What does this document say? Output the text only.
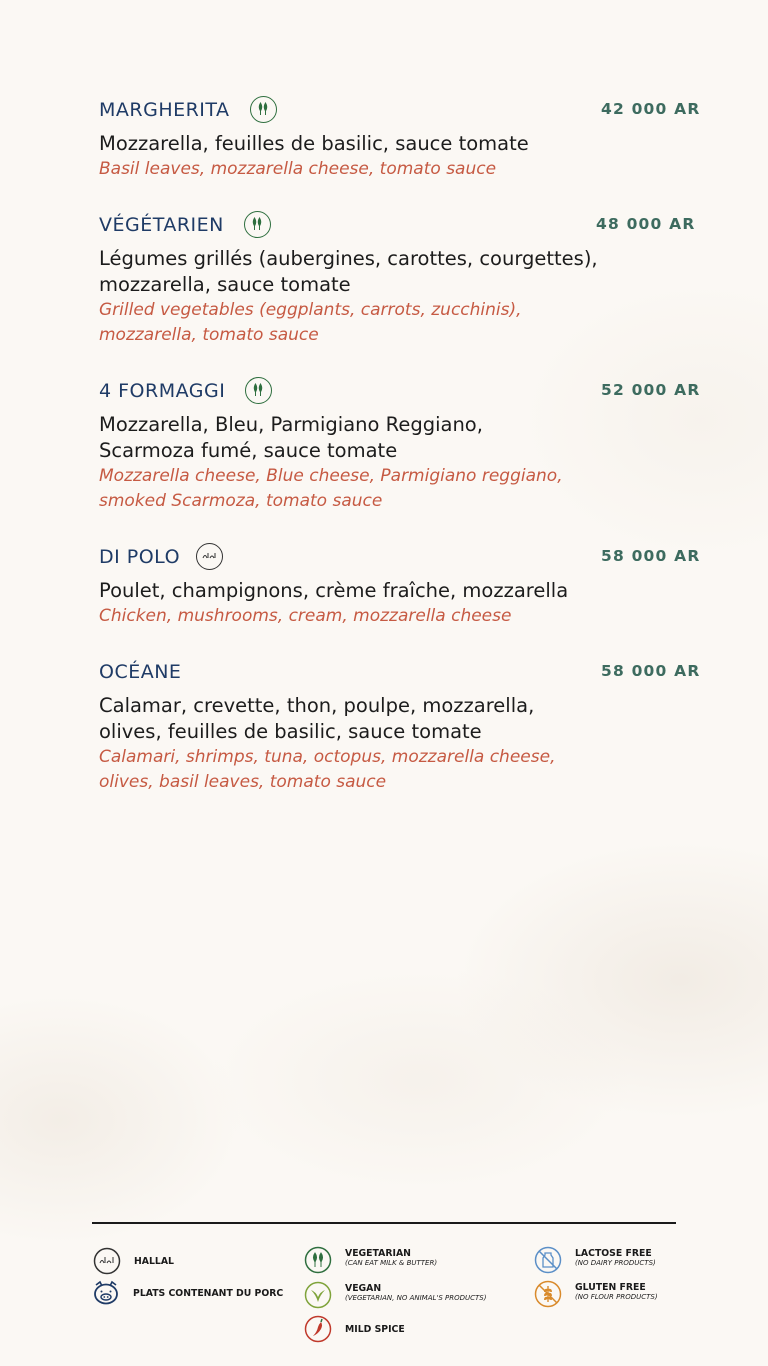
MARGHERITA	42 000 AR
Mozzarella, feuilles de basilic, sauce tomate
Basil leaves, mozzarella cheese, tomato sauce
VÉGÉTARIEN	48 000 AR
Légumes grillés (aubergines, carottes, courgettes),
mozzarella, sauce tomate
Grilled vegetables (eggplants, carrots, zucchinis),
mozzarella, tomato sauce
4 FORMAGGI	52 000 AR
Mozzarella, Bleu, Parmigiano Reggiano,
Scarmoza fumé, sauce tomate
Mozzarella cheese, Blue cheese, Parmigiano reggiano,
smoked Scarmoza, tomato sauce
DI POLO	58 000 AR
Poulet, champignons, crème fraîche, mozzarella
Chicken, mushrooms, cream, mozzarella cheese
OCÉANE	58 000 AR
Calamar, crevette, thon, poulpe, mozzarella,
olives, feuilles de basilic, sauce tomate
Calamari, shrimps, tuna, octopus, mozzarella cheese,
olives, basil leaves, tomato sauce
HALLAL
PLATS CONTENANT DU PORC
VEGETARIAN
(CAN EAT MILK & BUTTER)
VEGAN
(VEGETARIAN, NO ANIMAL'S PRODUCTS)
MILD SPICE
LACTOSE FREE
(NO DAIRY PRODUCTS)
GLUTEN FREE
(NO FLOUR PRODUCTS)
